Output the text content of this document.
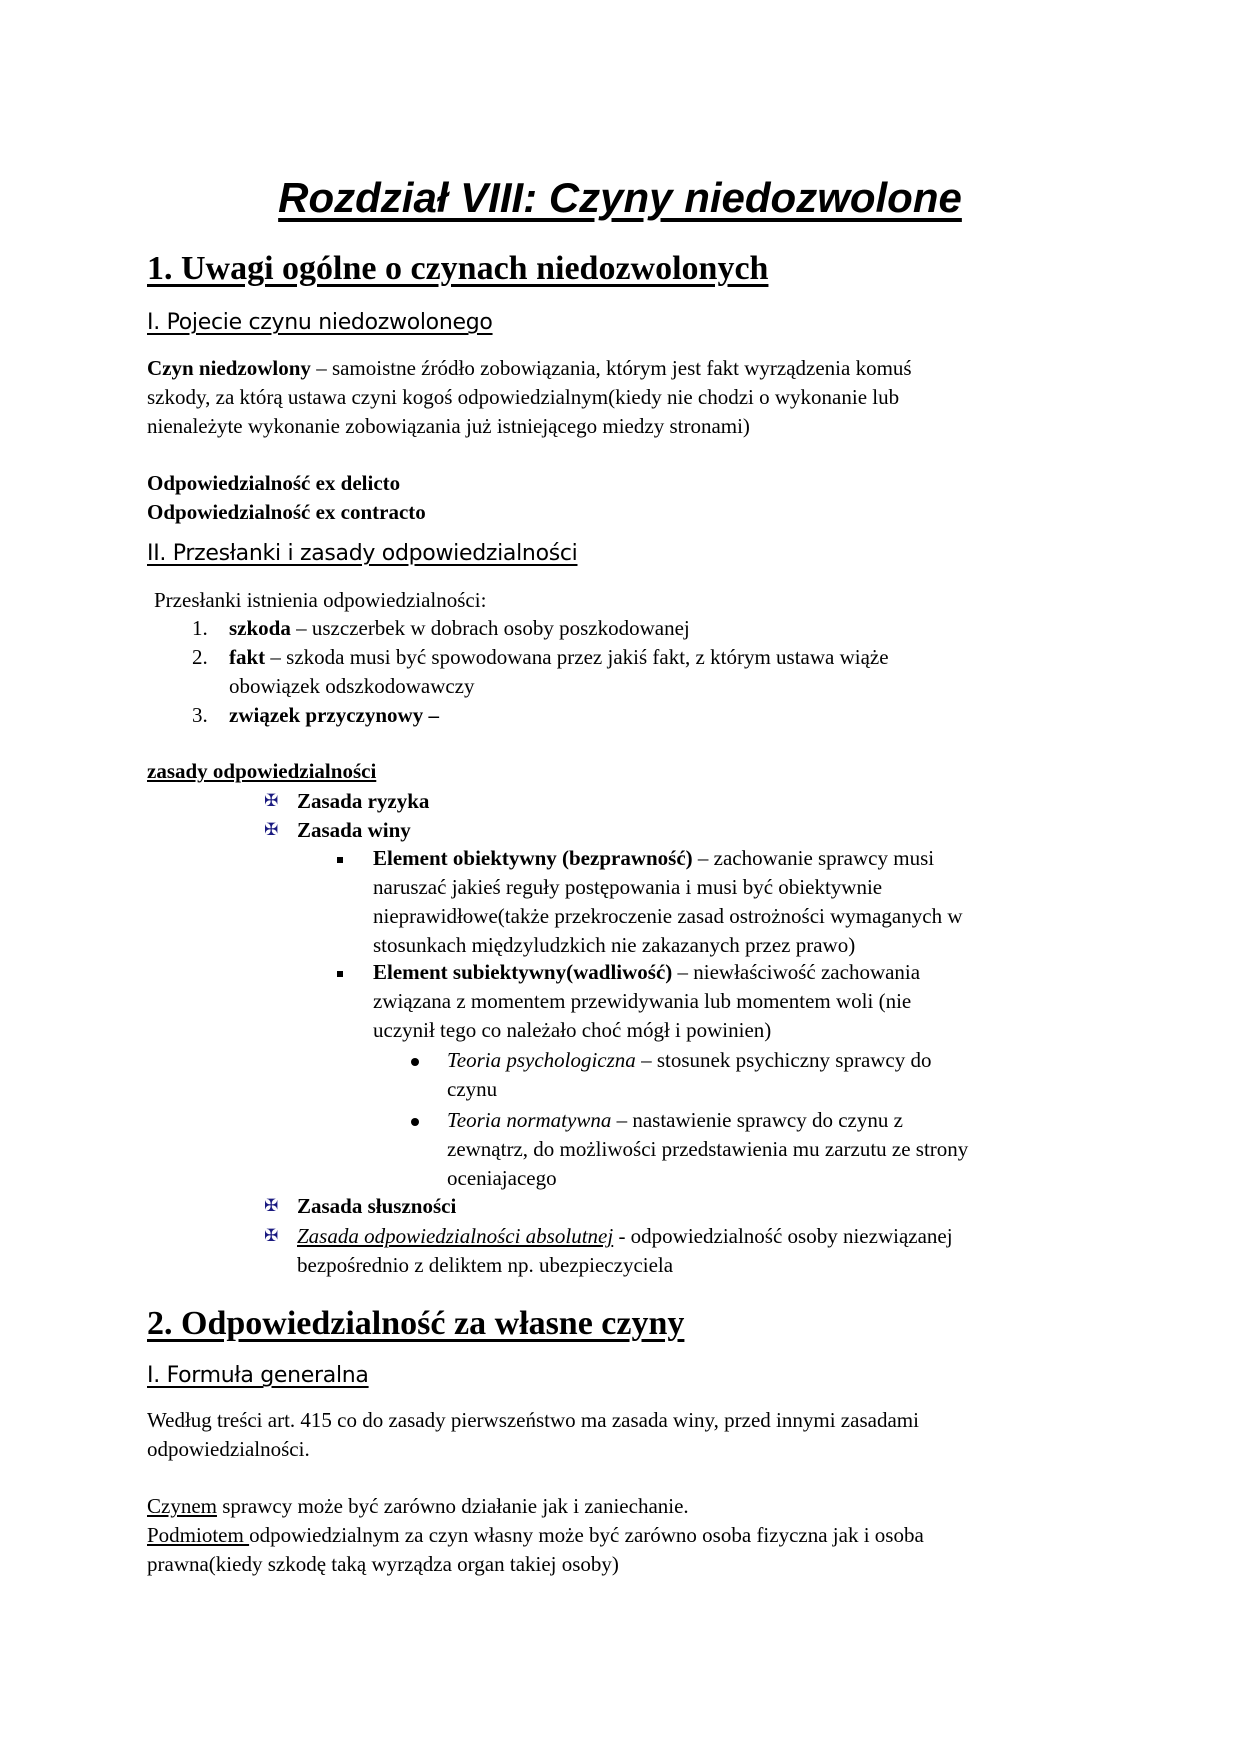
Rozdział VIII: Czyny niedozwolone
1. Uwagi ogólne o czynach niedozwolonych
I. Pojecie czynu niedozwolonego
Czyn niedzowlony – samoistne źródło zobowiązania, którym jest fakt wyrządzenia komuś
szkody, za którą ustawa czyni kogoś odpowiedzialnym(kiedy nie chodzi o wykonanie lub
nienależyte wykonanie zobowiązania już istniejącego miedzy stronami)
Odpowiedzialność ex delicto
Odpowiedzialność ex contracto
II. Przesłanki i zasady odpowiedzialności
Przesłanki istnienia odpowiedzialności:
1. szkoda – uszczerbek w dobrach osoby poszkodowanej
2. fakt – szkoda musi być spowodowana przez jakiś fakt, z którym ustawa wiąże
obowiązek odszkodowawczy
3. związek przyczynowy –
zasady odpowiedzialności
✠ Zasada ryzyka
✠ Zasada winy
Element obiektywny (bezprawność) – zachowanie sprawcy musi
naruszać jakieś reguły postępowania i musi być obiektywnie
nieprawidłowe(także przekroczenie zasad ostrożności wymaganych w
stosunkach międzyludzkich nie zakazanych przez prawo)
Element subiektywny(wadliwość) – niewłaściwość zachowania
związana z momentem przewidywania lub momentem woli (nie
uczynił tego co należało choć mógł i powinien)
Teoria psychologiczna – stosunek psychiczny sprawcy do
czynu
Teoria normatywna – nastawienie sprawcy do czynu z
zewnątrz, do możliwości przedstawienia mu zarzutu ze strony
oceniajacego
✠ Zasada słuszności
✠ Zasada odpowiedzialności absolutnej - odpowiedzialność osoby niezwiązanej
bezpośrednio z deliktem np. ubezpieczyciela
2. Odpowiedzialność za własne czyny
I. Formuła generalna
Według treści art. 415 co do zasady pierwszeństwo ma zasada winy, przed innymi zasadami
odpowiedzialności.
Czynem sprawcy może być zarówno działanie jak i zaniechanie.
Podmiotem odpowiedzialnym za czyn własny może być zarówno osoba fizyczna jak i osoba
prawna(kiedy szkodę taką wyrządza organ takiej osoby)
